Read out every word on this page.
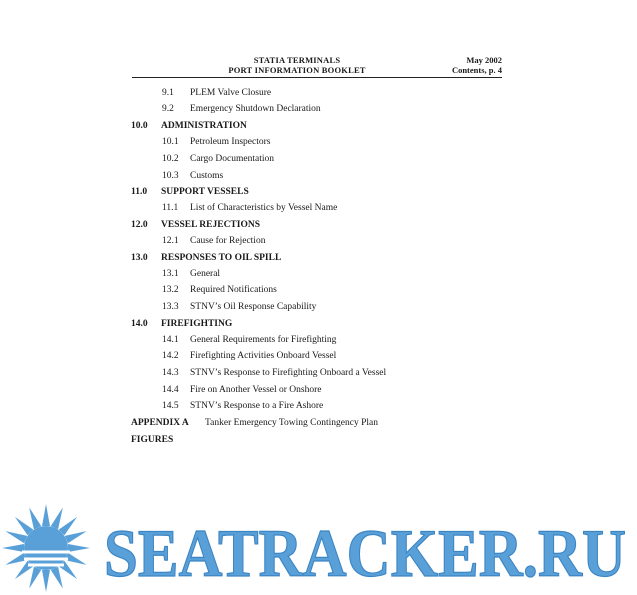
STATIA TERMINALS
PORT INFORMATION BOOKLET
May 2002
Contents, p. 4
9.1 PLEM Valve Closure
9.2 Emergency Shutdown Declaration
10.0 ADMINISTRATION
10.1 Petroleum Inspectors
10.2 Cargo Documentation
10.3 Customs
11.0 SUPPORT VESSELS
11.1 List of Characteristics by Vessel Name
12.0 VESSEL REJECTIONS
12.1 Cause for Rejection
13.0 RESPONSES TO OIL SPILL
13.1 General
13.2 Required Notifications
13.3 STNV’s Oil Response Capability
14.0 FIREFIGHTING
14.1 General Requirements for Firefighting
14.2 Firefighting Activities Onboard Vessel
14.3 STNV’s Response to Firefighting Onboard a Vessel
14.4 Fire on Another Vessel or Onshore
14.5 STNV’s Response to a Fire Ashore
APPENDIX A Tanker Emergency Towing Contingency Plan
FIGURES
SEATRACKER.RU
